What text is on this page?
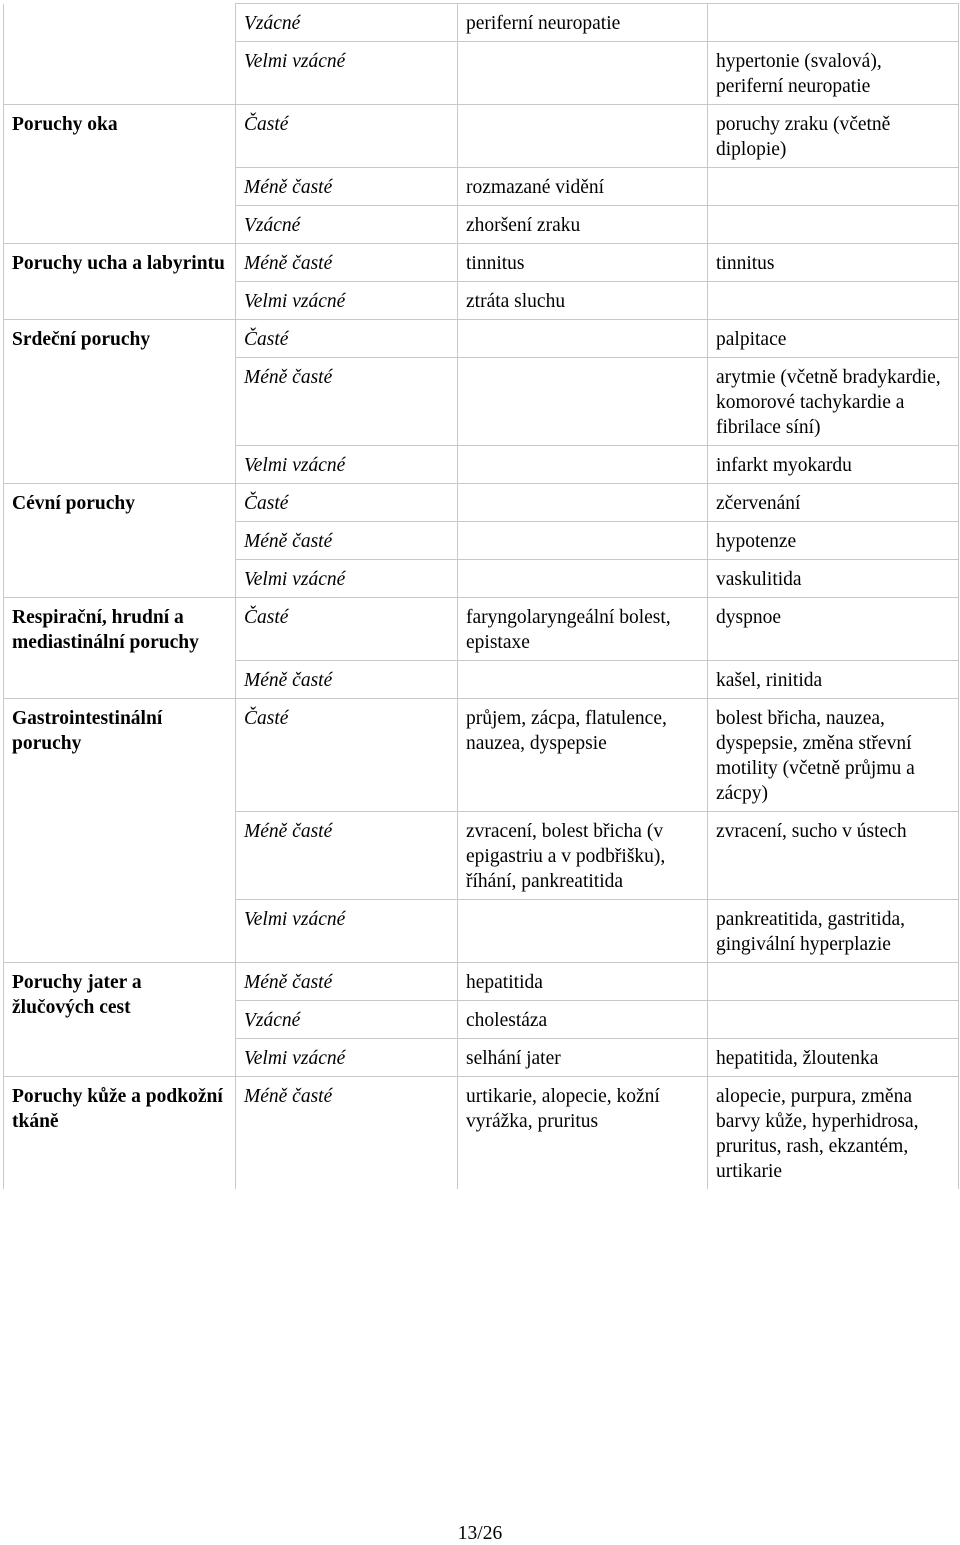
	Vzácné	periferní neuropatie	
	Velmi vzácné		hypertonie (svalová), periferní neuropatie
Poruchy oka	Časté		poruchy zraku (včetně diplopie)
	Méně časté	rozmazané vidění	
	Vzácné	zhoršení zraku	
Poruchy ucha a labyrintu	Méně časté	tinnitus	tinnitus
	Velmi vzácné	ztráta sluchu	
Srdeční poruchy	Časté		palpitace
	Méně časté		arytmie (včetně bradykardie, komorové tachykardie a fibrilace síní)
	Velmi vzácné		infarkt myokardu
Cévní poruchy	Časté		zčervenání
	Méně časté		hypotenze
	Velmi vzácné		vaskulitida
Respirační, hrudní a mediastinální poruchy	Časté	faryngolaryngeální bolest, epistaxe	dyspnoe
	Méně časté		kašel, rinitida
Gastrointestinální poruchy	Časté	průjem, zácpa, flatulence, nauzea, dyspepsie	bolest břicha, nauzea, dyspepsie, změna střevní motility (včetně průjmu a zácpy)
	Méně časté	zvracení, bolest břicha (v epigastriu a v podbřišku), říhání, pankreatitida	zvracení, sucho v ústech
	Velmi vzácné		pankreatitida, gastritida, gingivální hyperplazie
Poruchy jater a žlučových cest	Méně časté	hepatitida	
	Vzácné	cholestáza	
	Velmi vzácné	selhání jater	hepatitida, žloutenka
Poruchy kůže a podkožní tkáně	Méně časté	urtikarie, alopecie, kožní vyrážka, pruritus	alopecie, purpura, změna barvy kůže, hyperhidrosa, pruritus, rash, ekzantém, urtikarie
13/26
